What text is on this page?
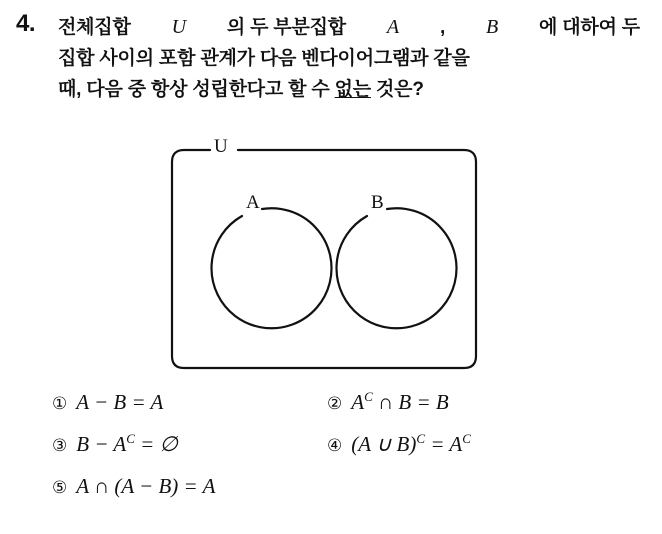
4. 전체집합 U 의 두 부분집합 A , B 에 대하여 두
집합 사이의 포함 관계가 다음 벤다이어그램과 같을
때, 다음 중 항상 성립한다고 할 수 없는 것은?
U
A	B
① A − B = A	② $A^C$ ∩ B = B
③ $B - A^C$ = ∅	④ (A ∪ $B)^C = A^C$
⑤ A ∩ (A − B) = A
